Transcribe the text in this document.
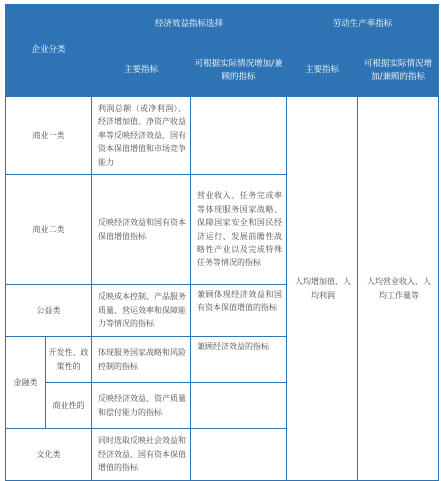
企业分类		经济效益指标选择		劳动生产率指标	
		主要指标	可根据实际情况增加/兼顾的指标	主要指标	可根据实际情况增加/兼顾的指标
商业一类		利润总额（或净利润）、经济增加值、净资产收益率等反映经济效益、国有资本保值增值和市场竞争能力		人均增加值、人均利润	人均营业收入、人均工作量等
商业二类		反映经济效益和国有资本保值增值指标	营业收入、任务完成率等体现服务国家战略、保障国家安全和国民经济运行、发展前瞻性战略性产业以及完成特殊任务等情况的指标		
公益类		反映成本控制、产品服务质量、营运效率和保障能力等情况的指标	兼顾体现经济效益和国有资本保值增值的指标		
金融类	开发性、政策性的	体现服务国家战略和风险控制的指标	兼顾经济效益的指标		
	商业性的	反映经济效益、资产质量和偿付能力的指标			
文化类		同时选取反映社会效益和经济效益、国有资本保值增值的指标			
